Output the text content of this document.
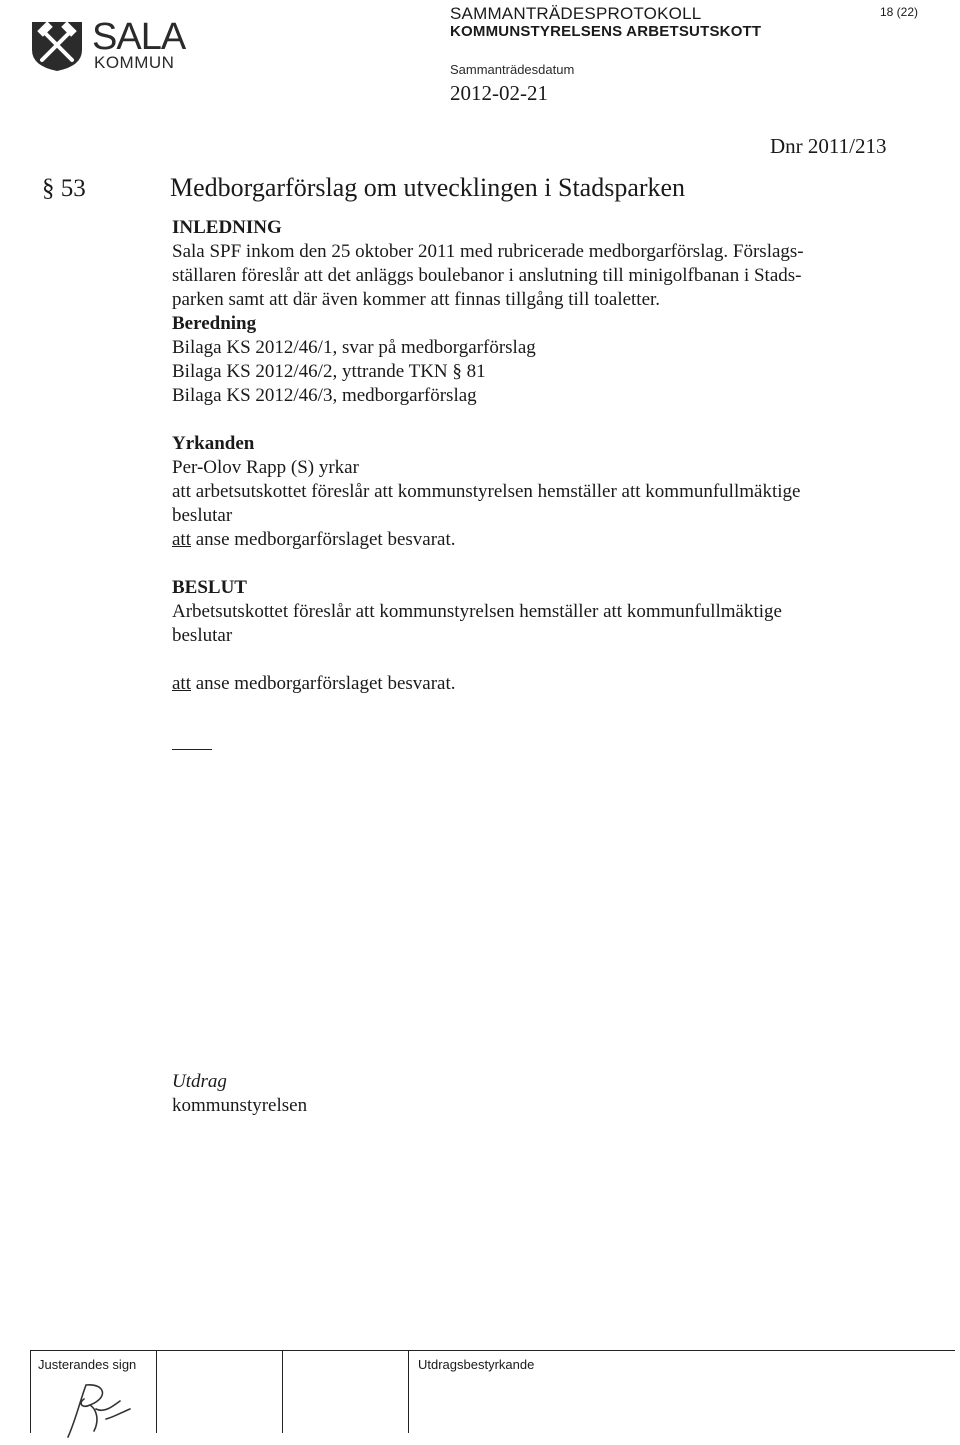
SALA
KOMMUN
SAMMANTRÄDESPROTOKOLL
KOMMUNSTYRELSENS ARBETSUTSKOTT
Sammanträdesdatum
2012-02-21
18 (22)
Dnr 2011/213
§ 53	Medborgarförslag om utvecklingen i Stadsparken
INLEDNING
Sala SPF inkom den 25 oktober 2011 med rubricerade medborgarförslag. Förslags-
ställaren föreslår att det anläggs boulebanor i anslutning till minigolfbanan i Stads-
parken samt att där även kommer att finnas tillgång till toaletter.
Beredning
Bilaga KS 2012/46/1, svar på medborgarförslag
Bilaga KS 2012/46/2, yttrande TKN § 81
Bilaga KS 2012/46/3, medborgarförslag
Yrkanden
Per-Olov Rapp (S) yrkar
att arbetsutskottet föreslår att kommunstyrelsen hemställer att kommunfullmäktige
beslutar
att anse medborgarförslaget besvarat.
BESLUT
Arbetsutskottet föreslår att kommunstyrelsen hemställer att kommunfullmäktige
beslutar
att anse medborgarförslaget besvarat.
Utdrag
kommunstyrelsen
Justerandes sign	Utdragsbestyrkande
